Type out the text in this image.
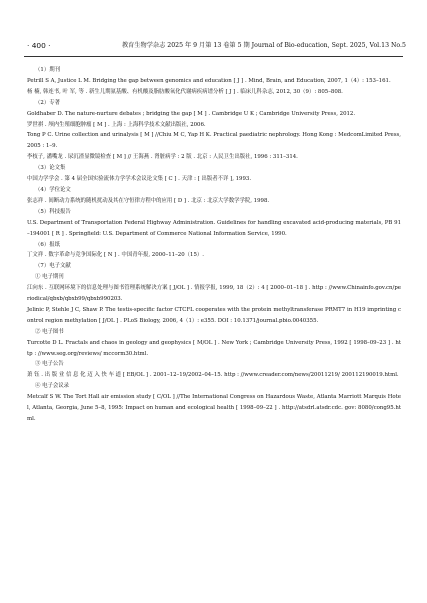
· 400 ·	教育生物学杂志 2025 年 9 月第 13 卷第 5 期 Journal of Bio-education, Sept. 2025, Vol.13 No.5
（1）期刊
Petrill S A, Justice L M. Bridging the gap between genomics and education [ J ] . Mind, Brain, and Education, 2007, 1（4）: 153–161.
杨 楠, 韩连书, 叶 军, 等 . 新生儿期氨基酸、有机酸及脂肪酸氧化代谢病疾病谱分析 [ J ] . 临床儿科杂志, 2012, 30（9）: 805–808.
（2）专著
Goldhaber D. The nature-nurture debates ; bridging the gap [ M ] . Cambridge U K ; Cambridge University Press, 2012.
罗世祺 . 颅内生殖细胞肿瘤 [ M ] . 上海 : 上海科学技术文献出版社, 2006.
Tong P C. Urine collection and urinalysis [ M ] //Chiu M C, Yap H K. Practical paediatric nephrology. Hong Kong : MedcomLimited Press, 2005 : 1–9.
李枝子, 潘嘴龙 . 尿沉渣显微镜检查 [ M ] // 王海燕 . 肾脏病学 : 2 版 . 北京 : 人民卫生出版社, 1996 : 311–314.
（3）论文集
中国力学学会 . 第 4 届全国实验流体力学学术会议论文集 [ C ] . 天津 : [ 出版者不详 ], 1993.
（4）学位论文
张志祥 . 间断动力系统的随机扰动及其在守恒律方程中的应用 [ D ] . 北京 : 北京大学数学学院, 1998.
（5）科技报告
U.S. Department of Transportation Federal Highway Administration. Guidelines for handling excavated acid-producing materials, PB 91–194001 [ R ] . Springfield: U.S. Department of Commerce National Information Service, 1990.
（6）报纸
丁文祥 . 数字革命与竞争国际化 [ N ] . 中国青年报, 2000–11–20（15）.
（7）电子文献
① 电子期刊
江向东 . 互联网环境下的信息处理与图书管理系统解决方案 [ J/OL ] . 情报学报, 1999, 18（2）: 4 [ 2000–01–18 ] . http : //www.Chinainfo.gov.cn/periodical/qbxb/qbxb99/qbxb990203.
Jelinic P, Stehle J C, Shaw P. The testis-specific factor CTCFL cooperates with the protein methyltransferase PRMT7 in H19 imprinting control region methylation [ J/OL ] . PLoS Biology, 2006, 4（1）: e355. DOI : 10.1371/journal.pbio.0040355.
② 电子图书
Turcotte D L. Fractals and chaos in geology and geophysics [ M/OL ] . New York ; Cambridge University Press, 1992 [ 1998–09–23 ] . http : //www.seg.org/reviews/ mccorm30.html.
③ 电子公告
萧 钰 . 出 版 业 信 息 化 迈 入 快 车 道 [ EB/OL ] . 2001–12–19/2002–04–15. http : //www.creader.com/news/20011219/ 200112190019.html.
④ 电子会议录
Metcalf S W. The Tort Hall air emission study [ C/OL ] //The International Congress on Hazardous Waste, Atlanta Marriott Marquis Hotel, Atlanta, Georgia, June 5–8, 1995: Impact on human and ecological health [ 1998–09–22 ] . http://atsdrl.atsdr.cdc. gov: 8080/cong95.html.
